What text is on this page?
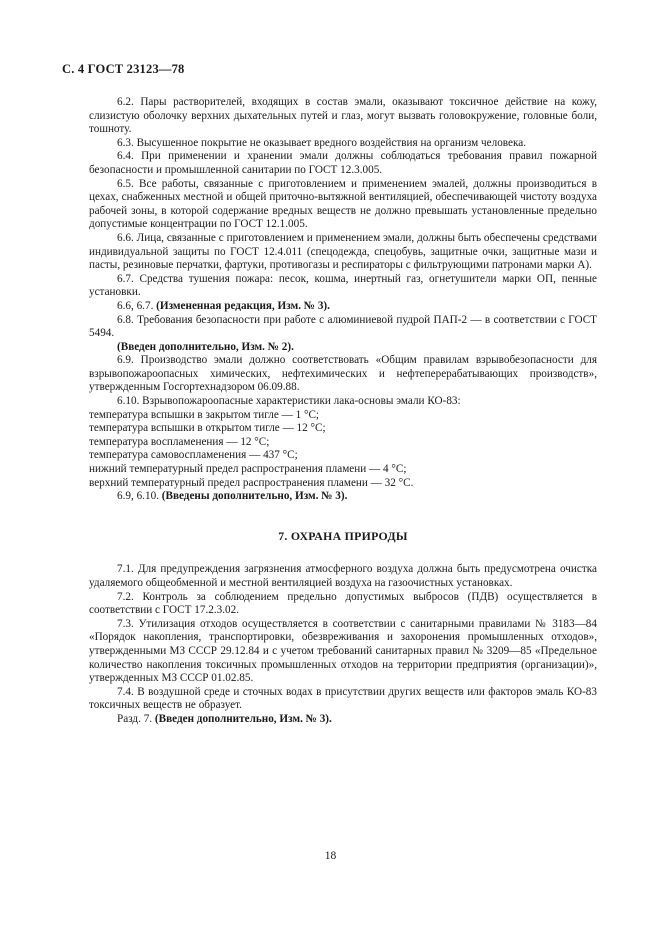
С. 4 ГОСТ 23123—78

6.2. Пары растворителей, входящих в состав эмали, оказывают токсичное действие на кожу, слизистую оболочку верхних дыхательных путей и глаз, могут вызвать головокружение, головные боли, тошноту.

6.3. Высушенное покрытие не оказывает вредного воздействия на организм человека.

6.4. При применении и хранении эмали должны соблюдаться требования правил пожарной безопасности и промышленной санитарии по ГОСТ 12.3.005.

6.5. Все работы, связанные с приготовлением и применением эмалей, должны производиться в цехах, снабженных местной и общей приточно-вытяжной вентиляцией, обеспечивающей чистоту воздуха рабочей зоны, в которой содержание вредных веществ не должно превышать установленные предельно допустимые концентрации по ГОСТ 12.1.005.

6.6. Лица, связанные с приготовлением и применением эмали, должны быть обеспечены средствами индивидуальной защиты по ГОСТ 12.4.011 (спецодежда, спецобувь, защитные очки, защитные мази и пасты, резиновые перчатки, фартуки, противогазы и респираторы с фильтрующими патронами марки А).

6.7. Средства тушения пожара: песок, кошма, инертный газ, огнетушители марки ОП, пенные установки.

6.6, 6.7. (Измененная редакция, Изм. № 3).

6.8. Требования безопасности при работе с алюминиевой пудрой ПАП-2 — в соответствии с ГОСТ 5494.

(Введен дополнительно, Изм. № 2).

6.9. Производство эмали должно соответствовать «Общим правилам взрывобезопасности для взрывопожароопасных химических, нефтехимических и нефтеперерабатывающих производств», утвержденным Госгортехнадзором 06.09.88.

6.10. Взрывопожароопасные характеристики лака-основы эмали КО-83:

температура вспышки в закрытом тигле — 1 °С;

температура вспышки в открытом тигле — 12 °С;

температура воспламенения — 12 °С;

температура самовоспламенения — 437 °С;

нижний температурный предел распространения пламени — 4 °С;

верхний температурный предел распространения пламени — 32 °С.

6.9, 6.10. (Введены дополнительно, Изм. № 3).

7. ОХРАНА ПРИРОДЫ

7.1. Для предупреждения загрязнения атмосферного воздуха должна быть предусмотрена очистка удаляемого общеобменной и местной вентиляцией воздуха на газоочистных установках.

7.2. Контроль за соблюдением предельно допустимых выбросов (ПДВ) осуществляется в соответствии с ГОСТ 17.2.3.02.

7.3. Утилизация отходов осуществляется в соответствии с санитарными правилами № 3183—84 «Порядок накопления, транспортировки, обезвреживания и захоронения промышленных отходов», утвержденными МЗ СССР 29.12.84 и с учетом требований санитарных правил № 3209—85 «Предельное количество накопления токсичных промышленных отходов на территории предприятия (организации)», утвержденных МЗ СССР 01.02.85.

7.4. В воздушной среде и сточных водах в присутствии других веществ или факторов эмаль КО-83 токсичных веществ не образует.

Разд. 7. (Введен дополнительно, Изм. № 3).

18
